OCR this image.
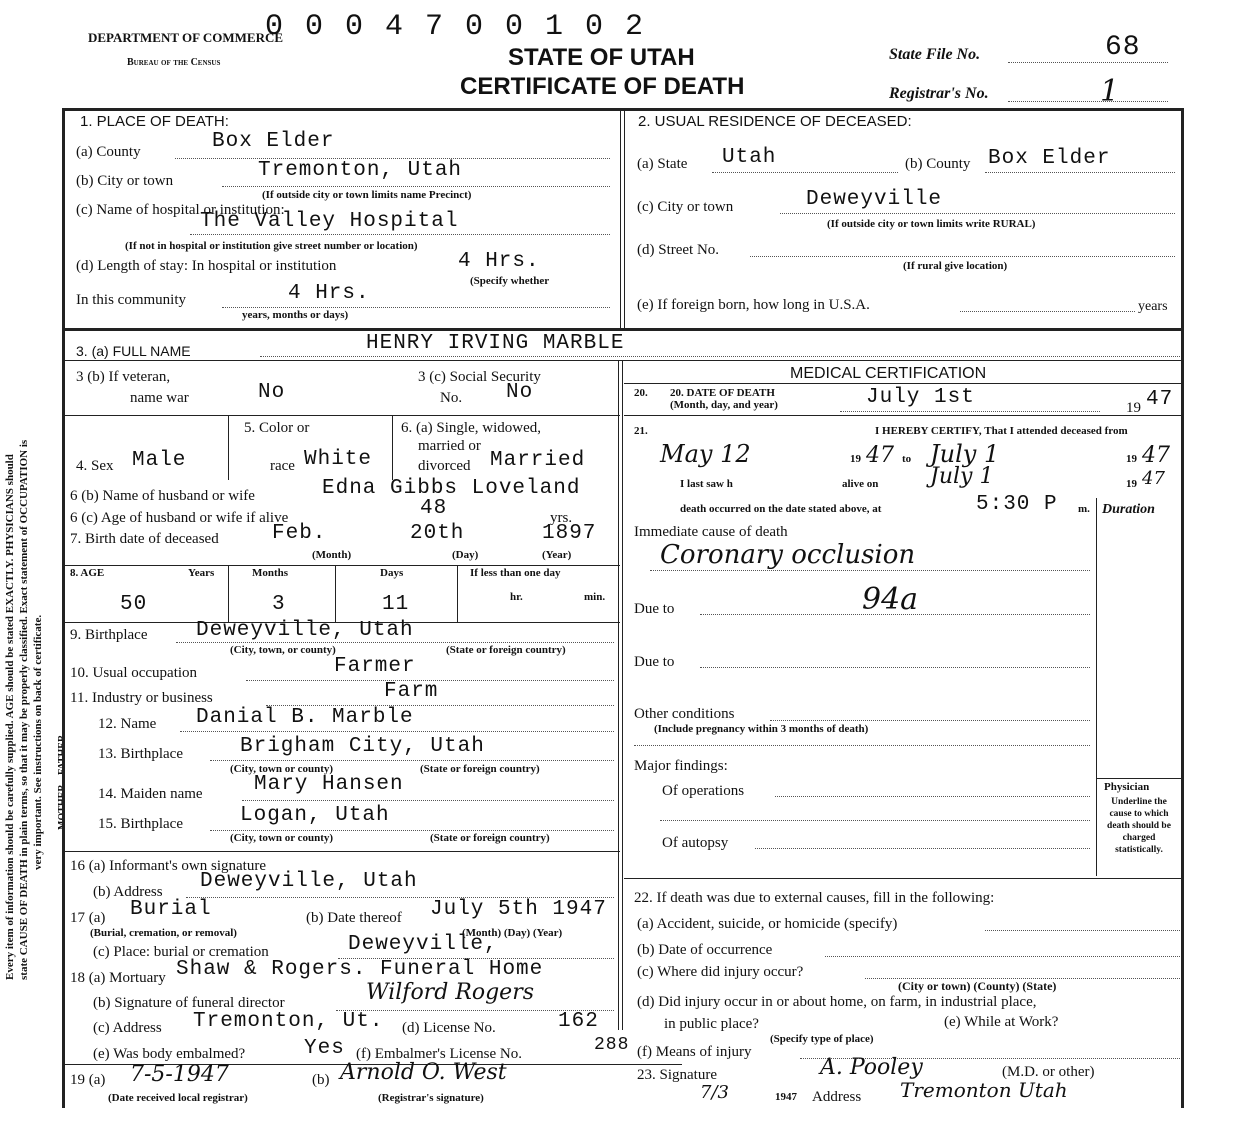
0 0 0 4 7 0 0 1 0 2
DEPARTMENT OF COMMERCE
Bureau of the Census	STATE OF UTAH
CERTIFICATE OF DEATH
State File No.	68
Registrar's No.	1
Every item of information should be carefully supplied. AGE should be stated EXACTLY. PHYSICIANS should state CAUSE OF DEATH in plain terms, so that it may be properly classified. Exact statement of OCCUPATION is very important. See instructions on back of certificate. FATHER
MOTHER
1. PLACE OF DEATH:
(a) County	Box Elder
(b) City or town	Tremonton, Utah
(If outside city or town limits name Precinct)
(c) Name of hospital or institution:
The Valley Hospital
(If not in hospital or institution give street number or location)
(d) Length of stay: In hospital or institution	4 Hrs.
(Specify whether
In this community	4 Hrs.
years, months or days)
2. USUAL RESIDENCE OF DECEASED:
(a) State Utah	(b) County Box Elder
(c) City or town	Deweyville
(If outside city or town limits write RURAL)
(d) Street No.
(If rural give location)
(e) If foreign born, how long in U.S.A.	years
3. (a) FULL NAME	HENRY IRVING MARBLE
3 (b) If veteran,
name war	No
3 (c) Social Security
No. No
4. Sex Male
5. Color or
race White
6. (a) Single, widowed,
married or
divorced Married
6 (b) Name of husband or wife	Edna Gibbs Loveland
6 (c) Age of husband or wife if alive	48	yrs.
7. Birth date of deceased	Feb.	20th	1897
(Month)	(Day)	(Year)
8. AGE	Years	Months	Days	If less than one day
50	3	11	hr.	min.
9. Birthplace Deweyville, Utah
(City, town, or county)	(State or foreign country)
10. Usual occupation	Farmer
11. Industry or business	Farm
12. Name Danial B. Marble
13. Birthplace	Brigham City, Utah
(City, town or county)	(State or foreign country)
14. Maiden name Mary Hansen
15. Birthplace	Logan, Utah
(City, town or county)	(State or foreign country)
16 (a) Informant's own signature
(b) Address Deweyville, Utah
17 (a) Burial
(Burial, cremation, or removal)
(b) Date thereof July 5th 1947
(Month) (Day) (Year)
(c) Place: burial or cremation	Deweyville,
18 (a) Mortuary Shaw & Rogers. Funeral Home
(b) Signature of funeral director	Wilford Rogers
(c) Address Tremonton, Ut. (d) License No.	162
(e) Was body embalmed?	Yes (f) Embalmer's License No.	288
19 (a) 7-5-1947
(Date received local registrar)
(b) Arnold O. West
(Registrar's signature)
MEDICAL CERTIFICATION
20. DATE OF DEATH
(Month, day, and year)
20.	July 1st	19 47
21.	I HEREBY CERTIFY, That I attended deceased from
May 12	19 47 to July 1	19 47
I last saw h	alive on July 1	19 47
death occurred on the date stated above, at	5:30 P m. Duration
Immediate cause of death
Coronary occlusion
Due to	94a
Due to
Other conditions
(Include pregnancy within 3 months of death)
Major findings:
Of operations
Of autopsy
Physician
Underline the cause to which death should be charged statistically.
22. If death was due to external causes, fill in the following:
(a) Accident, suicide, or homicide (specify)
(b) Date of occurrence
(c) Where did injury occur?
(City or town) (County) (State)
(d) Did injury occur in or about home, on farm, in industrial place,
in public place?
(Specify type of place)
(e) While at Work?
(f) Means of injury
23. Signature	A. Pooley	(M.D. or other)
7/3	1947 Address Tremonton Utah
